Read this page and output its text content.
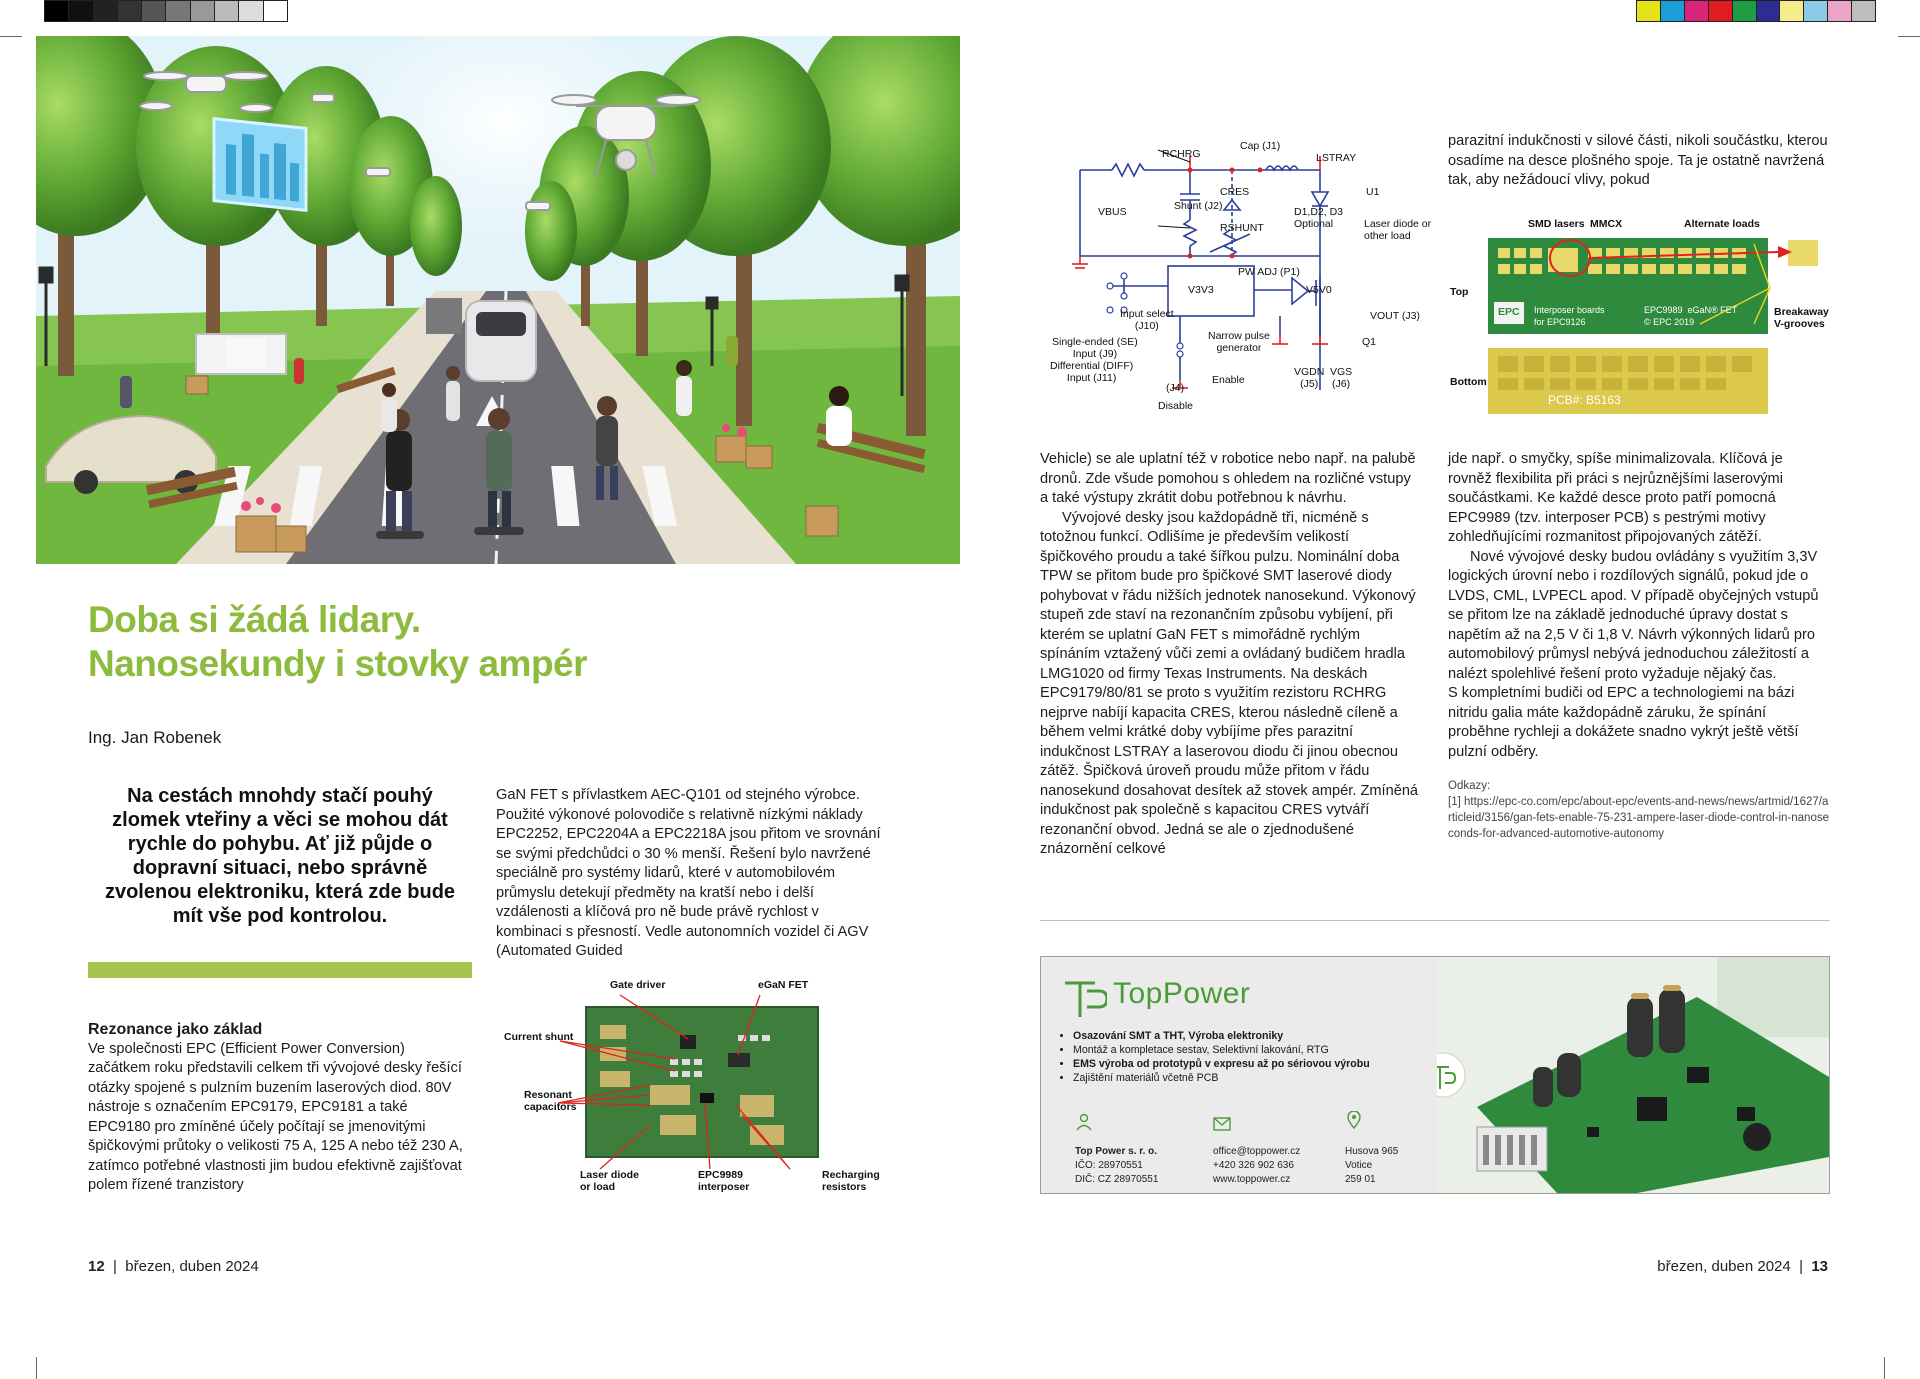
Doba si žádá lidary.
Nanosekundy i stovky ampér
Ing. Jan Robenek
Na cestách mnohdy stačí pouhý zlomek vteřiny a věci se mohou dát rychle do pohybu. Ať již půjde o dopravní situaci, nebo správně zvolenou elektroniku, která zde bude mít vše pod kontrolou.

Rezonance jako základ

Ve společnosti EPC (Efficient Power Conversion) začátkem roku představili celkem tři vývojové desky řešící otázky spojené s pulzním buzením laserových diod. 80V nástroje s označením EPC9179, EPC9181 a také EPC9180 pro zmíněné účely počítají se jmenovitými špičkovými průtoky o velikosti 75 A, 125 A nebo též 230 A, zatímco potřebné vlastnosti jim budou efektivně zajišťovat polem řízené tranzistory

GaN FET s přívlastkem AEC-Q101 od stejného výrobce. Použité výkonové polovodiče s relativně nízkými náklady EPC2252, EPC2204A a EPC2218A jsou přitom ve srovnání se svými předchůdci o 30 % menší. Řešení bylo navržené speciálně pro systémy lidarů, které v automobilovém průmyslu detekují předměty na kratší nebo i delší vzdálenosti a klíčová pro ně bude právě rychlost v kombinaci s přesností. Vedle autonomních vozidel či AGV (Automated Guided

Gate driver	eGaN FET
Current shunt
Resonant
capacitors
Laser diode
or load
EPC9989
interposer
Recharging
resistors
12  |  březen, duben 2024
RCHRG
Cap (J1)
LSTRAY
U1
VBUS
CRES
Shunt (J2)
RSHUNT
D1,D2, D3
Optional	Laser diode or
other load
PW ADJ (P1)
V3V3	V5V0
Input select
(J10)
Single-ended (SE)
Input (J9)
Differential (DIFF)
Input (J11)
Narrow pulse
generator
Enable
(J4)
Disable
VGDN
(J5)
VGS
(J6)
VOUT (J3)
Q1

parazitní indukčnosti v silové části, nikoli součástku, kterou osadíme na desce plošného spoje. Ta je ostatně navržená tak, aby nežádoucí vlivy, pokud

SMD lasers MMCX	Alternate loads
Top
Bottom
Breakaway
V-grooves
EPC Interposer boards
for EPC9126
EPC9989  eGaN® FET
© EPC 2019
PCB#: B5163

Vehicle) se ale uplatní též v robotice nebo např. na palubě dronů. Zde všude pomohou s ohledem na rozličné vstupy a také výstupy zkrátit dobu potřebnou k návrhu.

Vývojové desky jsou každopádně tři, nicméně s totožnou funkcí. Odlišíme je především velikostí špičkového proudu a také šířkou pulzu. Nominální doba TPW se přitom bude pro špičkové SMT laserové diody pohybovat v řádu nižších jednotek nanosekund. Výkonový stupeň zde staví na rezonančním způsobu vybíjení, při kterém se uplatní GaN FET s mimořádně rychlým spínáním vztažený vůči zemi a ovládaný budičem hradla LMG1020 od firmy Texas Instruments. Na deskách EPC9179/80/81 se proto s využitím rezistoru RCHRG nejprve nabíjí kapacita CRES, kterou následně cíleně a během velmi krátké doby vybíjíme přes parazitní indukčnost LSTRAY a laserovou diodu či jinou obecnou zátěž. Špičková úroveň proudu může přitom v řádu nanosekund dosahovat desítek až stovek ampér. Zmíněná indukčnost pak společně s kapacitou CRES vytváří rezonanční obvod. Jedná se ale o zjednodušené znázornění celkové

jde např. o smyčky, spíše minimalizovala. Klíčová je rovněž flexibilita při práci s nejrůznějšími laserovými součástkami. Ke každé desce proto patří pomocná EPC9989 (tzv. interposer PCB) s pestrými motivy zohledňujícími rozmanitost připojovaných zátěží.

Nové vývojové desky budou ovládány s využitím 3,3V logických úrovní nebo i rozdílových signálů, pokud jde o LVDS, CML, LVPECL apod. V případě obyčejných vstupů se přitom lze na základě jednoduché úpravy dostat s napětím až na 2,5 V či 1,8 V. Návrh výkonných lidarů pro automobilový průmysl nebývá jednoduchou záležitostí a nalézt spolehlivé řešení proto vyžaduje nějaký čas.

S kompletními budiči od EPC a technologiemi na bázi nitridu galia máte každopádně záruku, že spínání proběhne rychleji a dokážete snadno vykrýt ještě větší pulzní odběry.

Odkazy:

[1] https://epc-co.com/epc/about-epc/events-and-news/news/artmid/1627/articleid/3156/gan-fets-enable-75-231-ampere-laser-diode-control-in-nanoseconds-for-advanced-automotive-autonomy

TopPower
• Osazování SMT a THT, Výroba elektroniky
• Montáž a kompletace sestav, Selektivní lakování, RTG
• EMS výroba od prototypů v expresu až po sériovou výrobu
• Zajištění materiálů včetně PCB
Top Power s. r. o.
IČO: 28970551
DIČ: CZ 28970551
office@toppower.cz
+420 326 902 636
www.toppower.cz
Husova 965
Votice
259 01
březen, duben 2024  |  13
